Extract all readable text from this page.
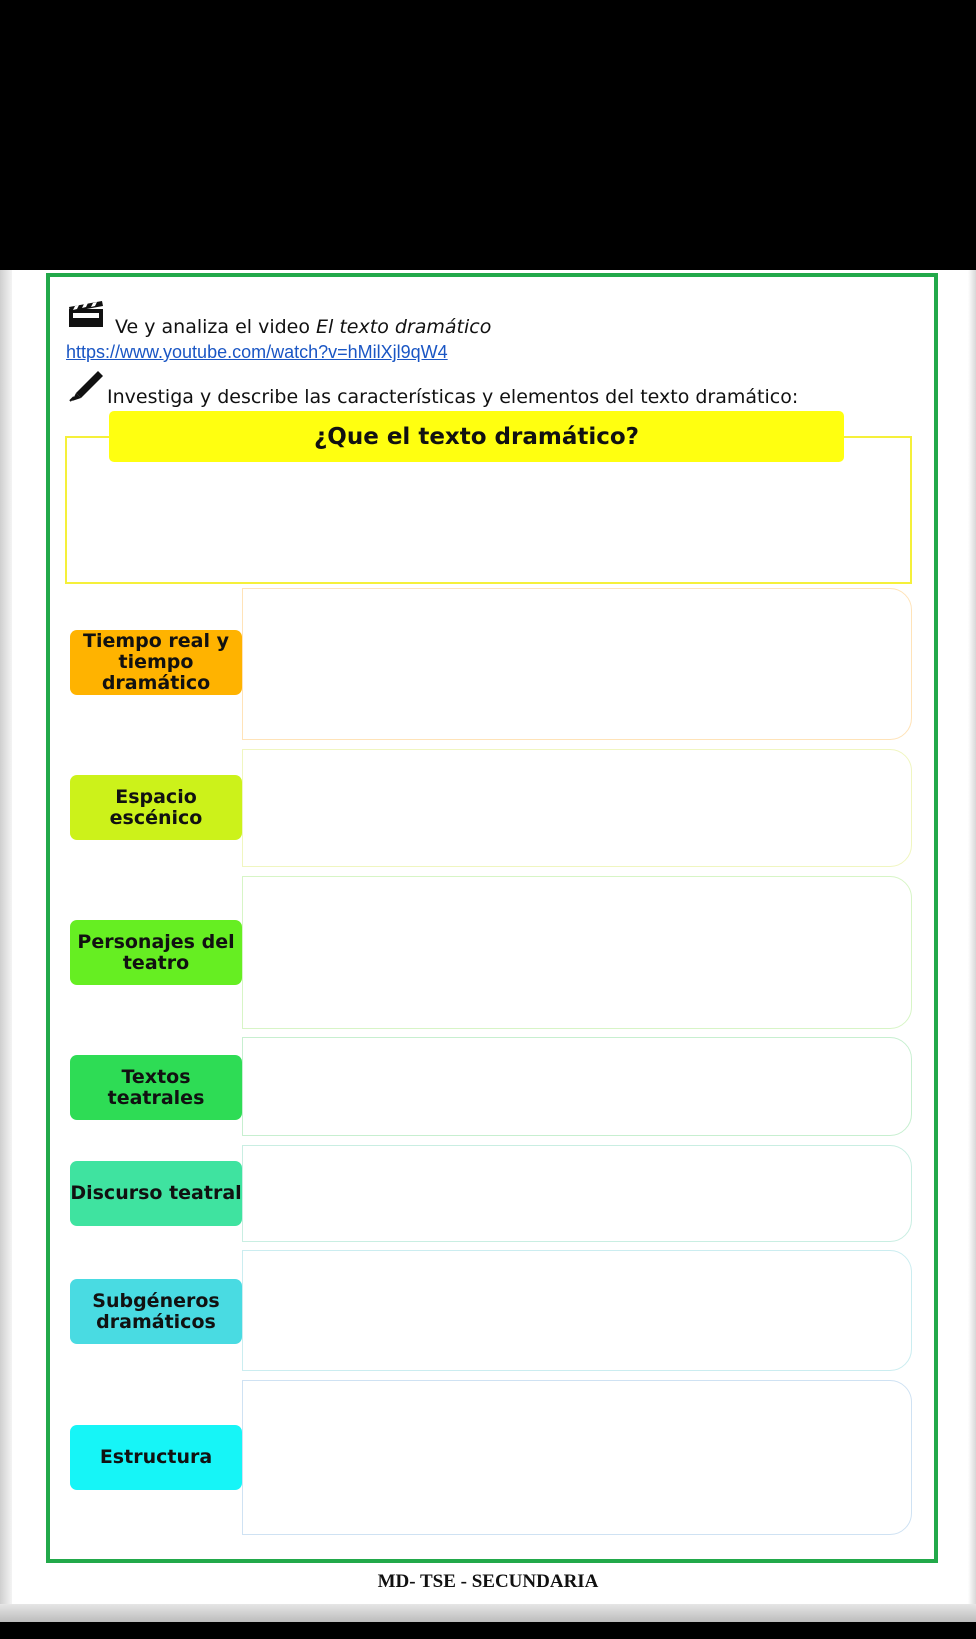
Ve y analiza el video El texto dramático
https://www.youtube.com/watch?v=hMilXjl9qW4
Investiga y describe las características y elementos del texto dramático:
¿Que el texto dramático?
Tiempo real y tiempo dramático
Espacio escénico
Personajes del teatro
Textos teatrales
Discurso teatral
Subgéneros dramáticos
Estructura
MD- TSE - SECUNDARIA
